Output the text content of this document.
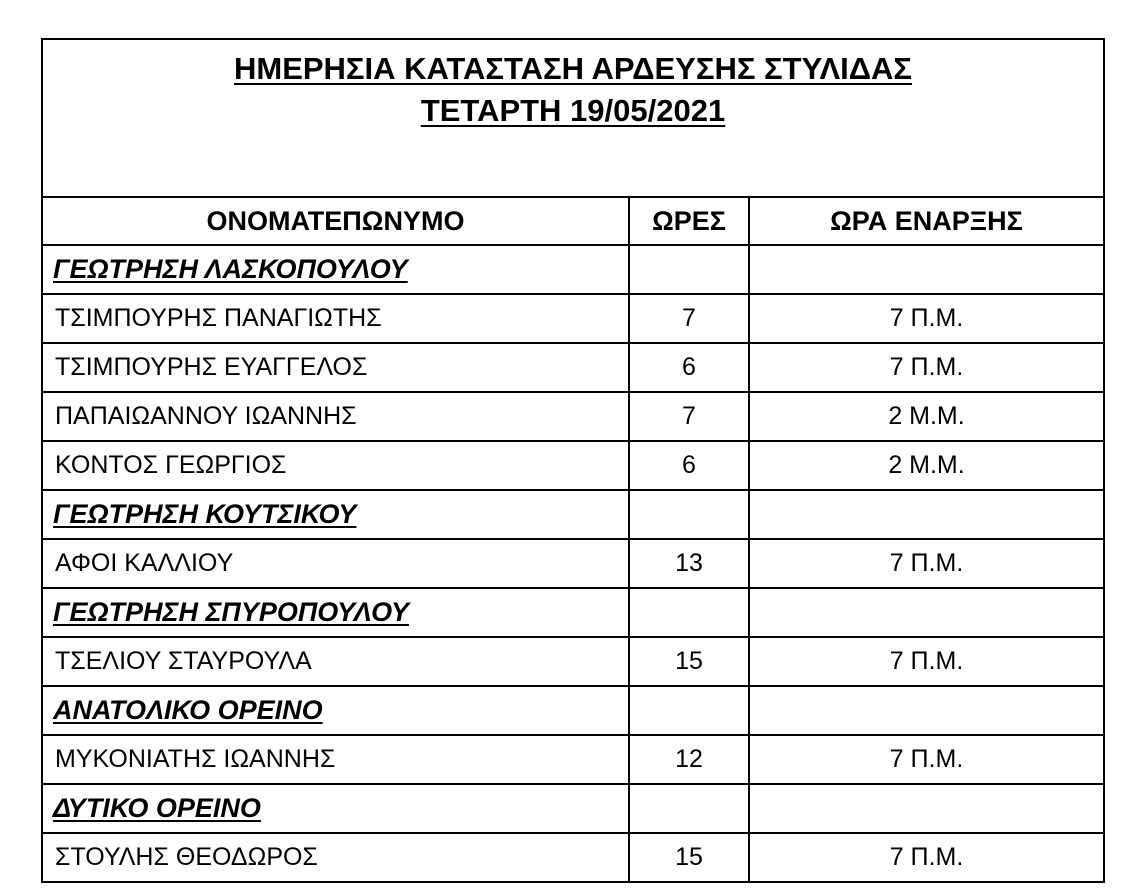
ΗΜΕΡΗΣΙΑ ΚΑΤΑΣΤΑΣΗ ΑΡΔΕΥΣΗΣ ΣΤΥΛΙΔΑΣ
ΤΕΤΑΡΤΗ 19/05/2021		

ΟΝΟΜΑΤΕΠΩΝΥΜΟ	ΩΡΕΣ	ΩΡΑ ΕΝΑΡΞΗΣ
ΓΕΩΤΡΗΣΗ ΛΑΣΚΟΠΟΥΛΟΥ		
ΤΣΙΜΠΟΥΡΗΣ ΠΑΝΑΓΙΩΤΗΣ	7	7 Π.Μ.
ΤΣΙΜΠΟΥΡΗΣ ΕΥΑΓΓΕΛΟΣ	6	7 Π.Μ.
ΠΑΠΑΙΩΑΝΝΟΥ ΙΩΑΝΝΗΣ	7	2 Μ.Μ.
ΚΟΝΤΟΣ ΓΕΩΡΓΙΟΣ	6	2 Μ.Μ.
ΓΕΩΤΡΗΣΗ ΚΟΥΤΣΙΚΟΥ		
ΑΦΟΙ ΚΑΛΛΙΟΥ	13	7 Π.Μ.
ΓΕΩΤΡΗΣΗ ΣΠΥΡΟΠΟΥΛΟΥ		
ΤΣΕΛΙΟΥ ΣΤΑΥΡΟΥΛΑ	15	7 Π.Μ.
ΑΝΑΤΟΛΙΚΟ ΟΡΕΙΝΟ		
ΜΥΚΟΝΙΑΤΗΣ ΙΩΑΝΝΗΣ	12	7 Π.Μ.
ΔΥΤΙΚΟ ΟΡΕΙΝΟ		
ΣΤΟΥΛΗΣ ΘΕΟΔΩΡΟΣ	15	7 Π.Μ.
